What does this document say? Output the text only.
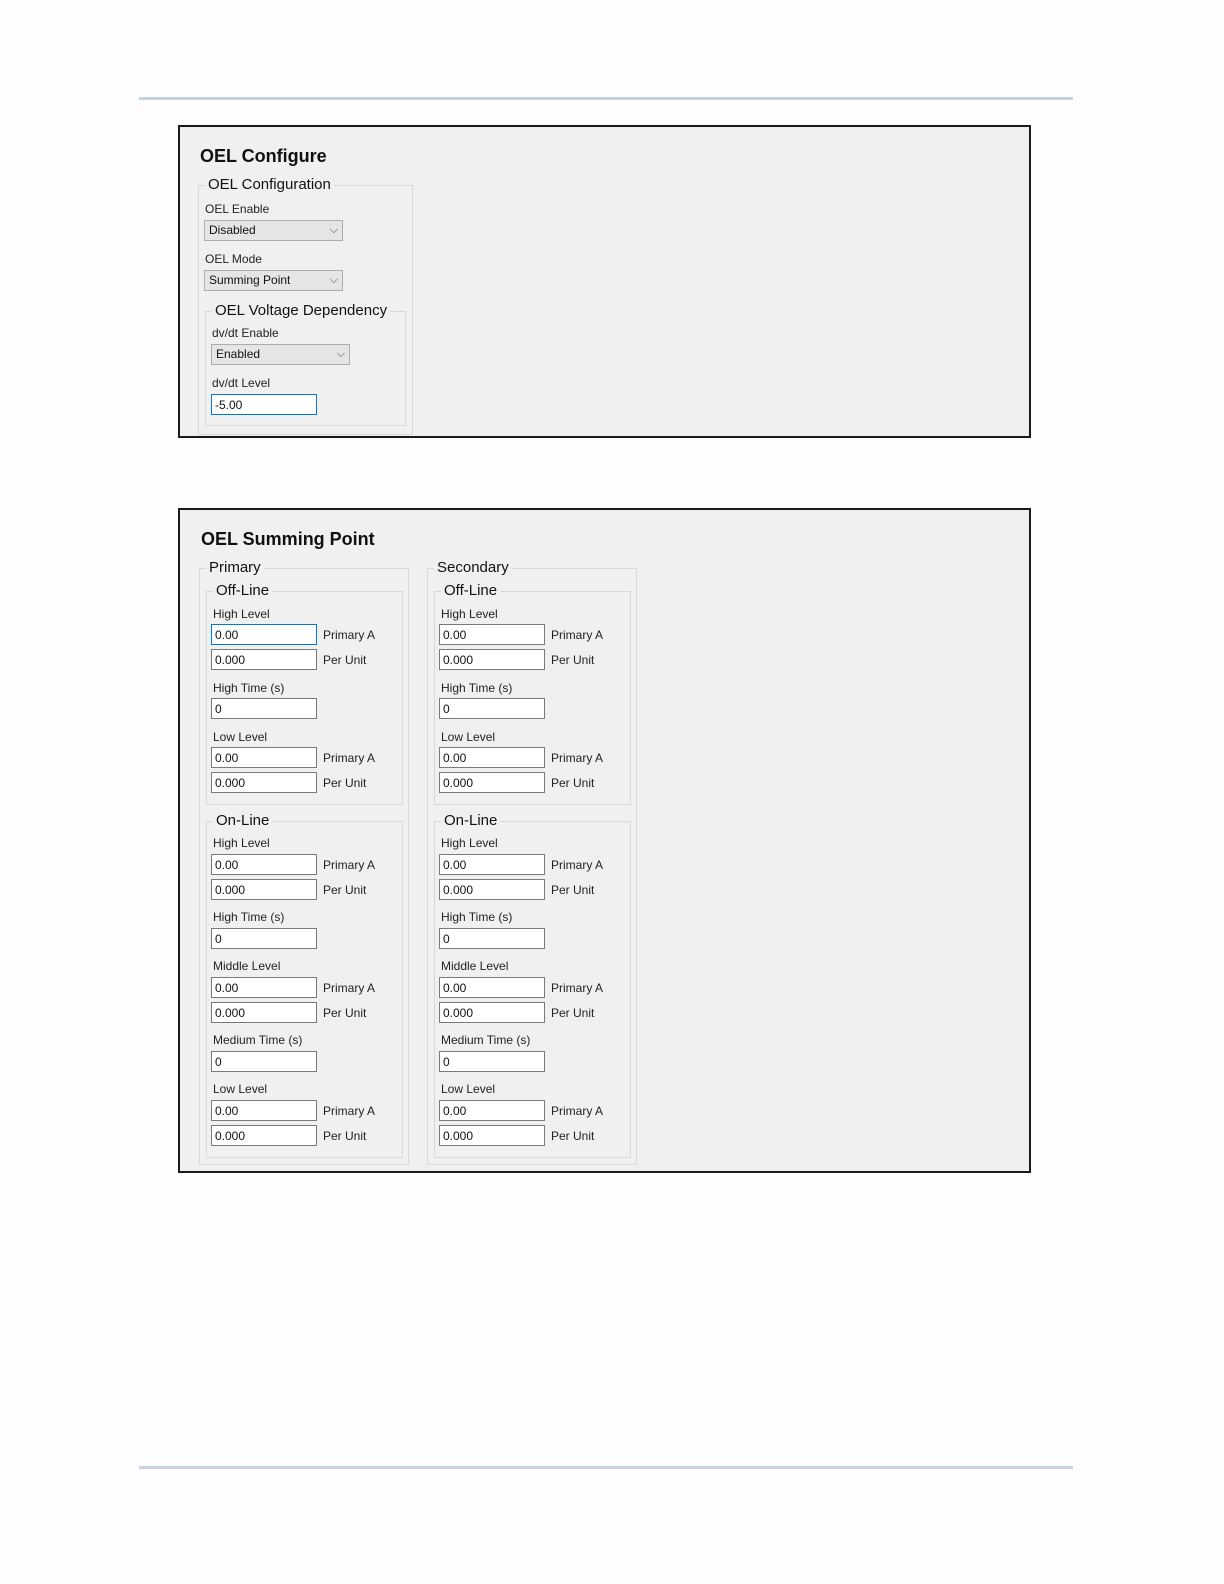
OEL Configure
OEL Configuration
OEL Enable
Disabled	⌵
OEL Mode
Summing Point	⌵
OEL Voltage Dependency
dv/dt Enable
Enabled	⌵
dv/dt Level
-5.00
OEL Summing Point
Primary
Off-Line
High Level
0.00
Primary A
0.000
Per Unit
High Time (s)
0
Low Level
0.00
Primary A
0.000
Per Unit
On-Line
High Level
0.00
Primary A
0.000
Per Unit
High Time (s)
0
Middle Level
0.00
Primary A
0.000
Per Unit
Medium Time (s)
0
Low Level
0.00
Primary A
0.000
Per Unit
Secondary
Off-Line
High Level
0.00
Primary A
0.000
Per Unit
High Time (s)
0
Low Level
0.00
Primary A
0.000
Per Unit
On-Line
High Level
0.00
Primary A
0.000
Per Unit
High Time (s)
0
Middle Level
0.00
Primary A
0.000
Per Unit
Medium Time (s)
0
Low Level
0.00
Primary A
0.000
Per Unit
